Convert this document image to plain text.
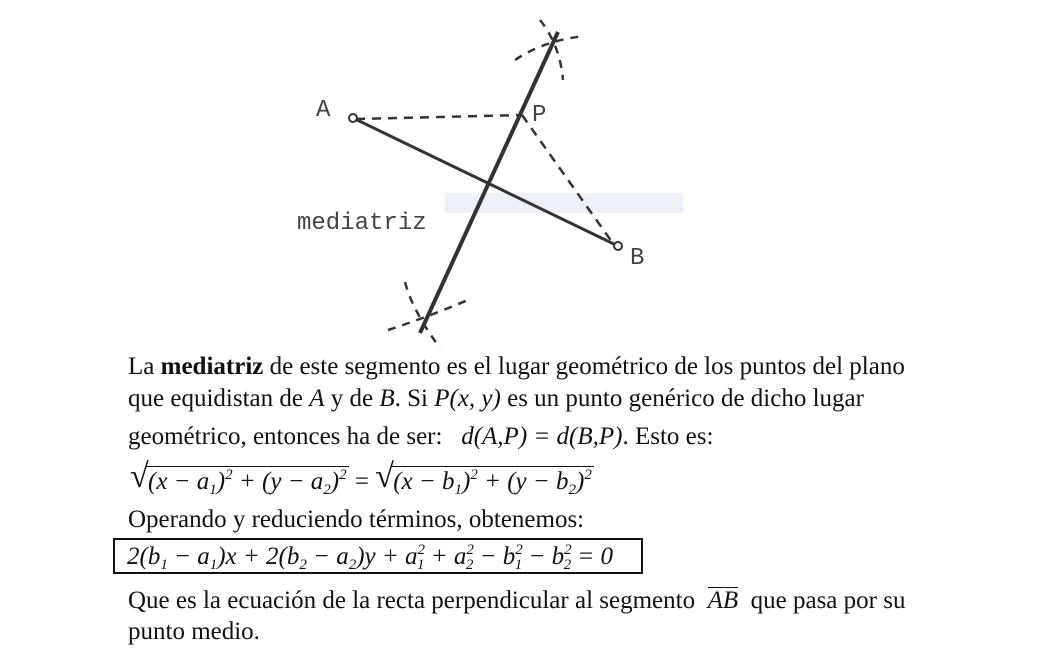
A	P
B
mediatriz
La mediatriz de este segmento es el lugar geométrico de los puntos del plano
que equidistan de A y de B. Si P(x, y) es un punto genérico de dicho lugar
geométrico, entonces ha de ser: d(A,P) = d(B,P). Esto es:
√ $(x - a_1)^2 + (y - a_2)^2$ = √ $(x - b_1)^2 + (y - b_2)^2$
Operando y reduciendo términos, obtenemos:
$2(b_1 - a_1)x + 2(b_2 - a_2)y + a^2_1 + a^2_2 - b^2_1 - b^2_2 = 0$
Que es la ecuación de la recta perpendicular al segmento AB que pasa por su
punto medio.
